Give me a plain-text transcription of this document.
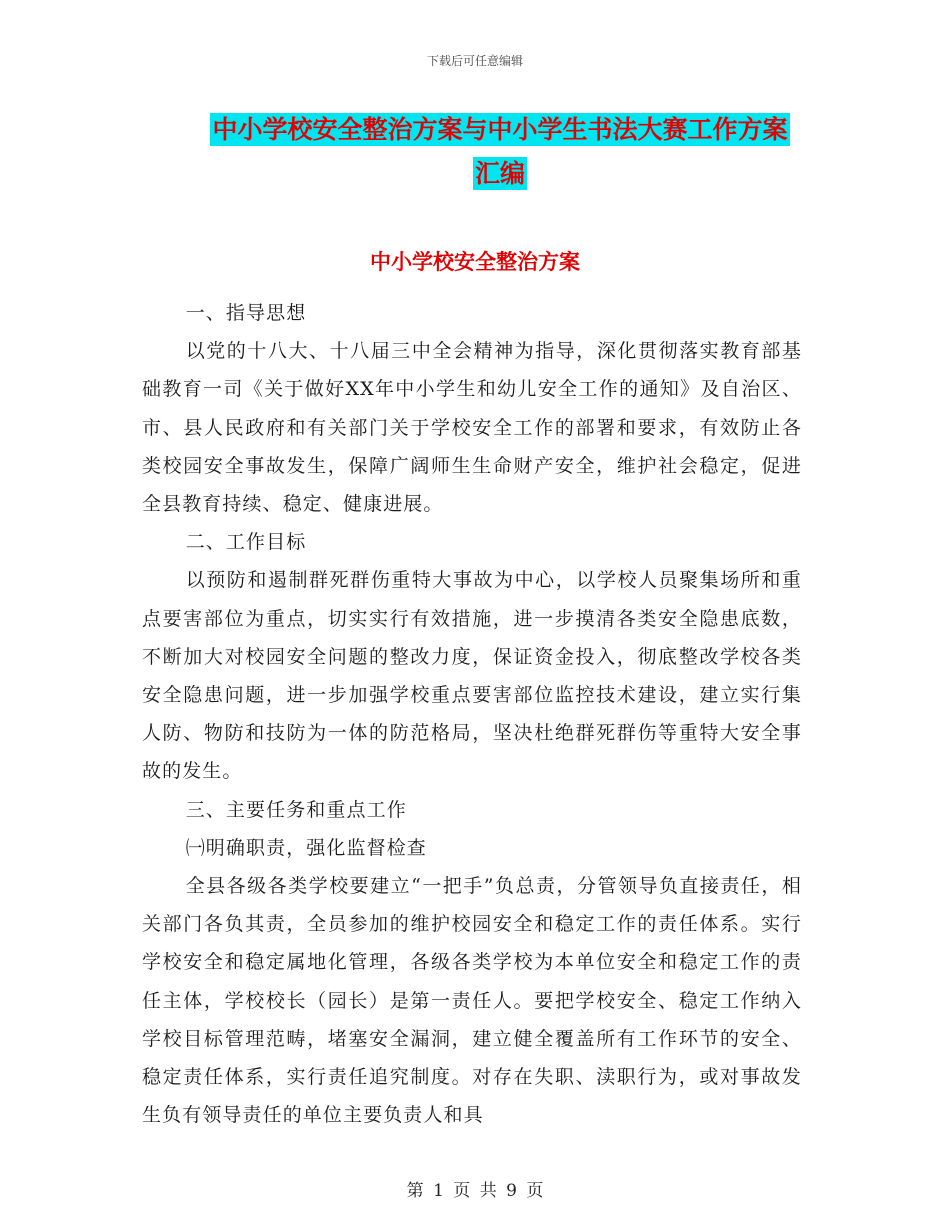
下载后可任意编辑
中小学校安全整治方案与中小学生书法大赛工作方案
汇编
中小学校安全整治方案

一、指导思想

以党的十八大、十八届三中全会精神为指导，深化贯彻落实教育部基础教育一司《关于做好XX年中小学生和幼儿安全工作的通知》及自治区、市、县人民政府和有关部门关于学校安全工作的部署和要求，有效防止各类校园安全事故发生，保障广阔师生生命财产安全，维护社会稳定，促进全县教育持续、稳定、健康进展。

二、工作目标

以预防和遏制群死群伤重特大事故为中心，以学校人员聚集场所和重点要害部位为重点，切实实行有效措施，进一步摸清各类安全隐患底数，不断加大对校园安全问题的整改力度，保证资金投入，彻底整改学校各类安全隐患问题，进一步加强学校重点要害部位监控技术建设，建立实行集人防、物防和技防为一体的防范格局，坚决杜绝群死群伤等重特大安全事故的发生。

三、主要任务和重点工作

㈠明确职责，强化监督检查

全县各级各类学校要建立“一把手”负总责，分管领导负直接责任，相关部门各负其责，全员参加的维护校园安全和稳定工作的责任体系。实行学校安全和稳定属地化管理，各级各类学校为本单位安全和稳定工作的责任主体，学校校长（园长）是第一责任人。要把学校安全、稳定工作纳入学校目标管理范畴，堵塞安全漏洞，建立健全覆盖所有工作环节的安全、稳定责任体系，实行责任追究制度。对存在失职、渎职行为，或对事故发生负有领导责任的单位主要负责人和具

第 1 页 共 9 页
